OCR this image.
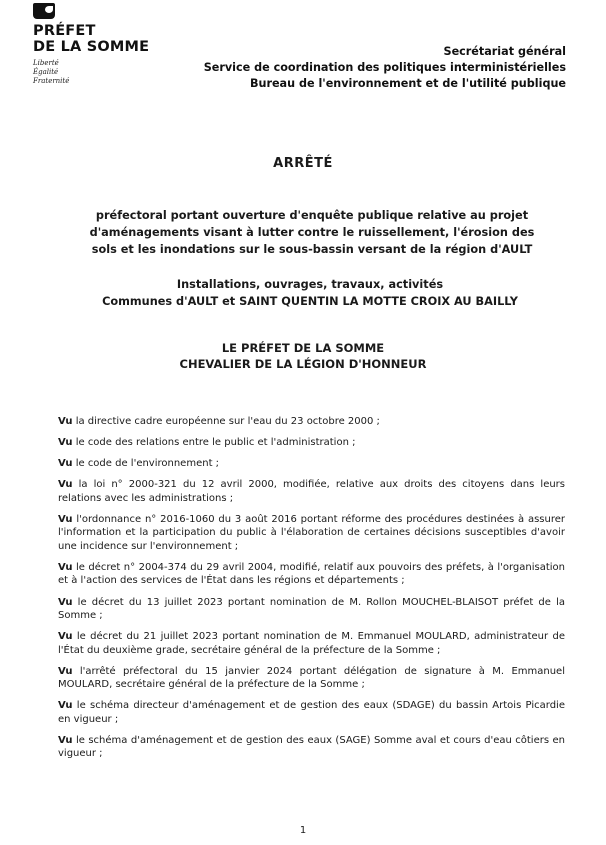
PRÉFET
DE LA SOMME
Liberté
Égalité
Fraternité
Secrétariat général
Service de coordination des politiques interministérielles
Bureau de l'environnement et de l'utilité publique
ARRÊTÉ
préfectoral portant ouverture d'enquête publique relative au projet d'aménagements visant à lutter contre le ruissellement, l'érosion des sols et les inondations sur le sous-bassin versant de la région d'AULT
Installations, ouvrages, travaux, activités
Communes d'AULT et SAINT QUENTIN LA MOTTE CROIX AU BAILLY
LE PRÉFET DE LA SOMME
CHEVALIER DE LA LÉGION D'HONNEUR
Vu la directive cadre européenne sur l'eau du 23 octobre 2000 ;
Vu le code des relations entre le public et l'administration ;
Vu le code de l'environnement ;
Vu la loi n° 2000-321 du 12 avril 2000, modifiée, relative aux droits des citoyens dans leurs relations avec les administrations ;
Vu l'ordonnance n° 2016-1060 du 3 août 2016 portant réforme des procédures destinées à assurer l'information et la participation du public à l'élaboration de certaines décisions susceptibles d'avoir une incidence sur l'environnement ;
Vu le décret n° 2004-374 du 29 avril 2004, modifié, relatif aux pouvoirs des préfets, à l'organisation et à l'action des services de l'État dans les régions et départements ;
Vu le décret du 13 juillet 2023 portant nomination de M. Rollon MOUCHEL-BLAISOT préfet de la Somme ;
Vu le décret du 21 juillet 2023 portant nomination de M. Emmanuel MOULARD, administrateur de l'État du deuxième grade, secrétaire général de la préfecture de la Somme ;
Vu l'arrêté préfectoral du 15 janvier 2024 portant délégation de signature à M. Emmanuel MOULARD, secrétaire général de la préfecture de la Somme ;
Vu le schéma directeur d'aménagement et de gestion des eaux (SDAGE) du bassin Artois Picardie en vigueur ;
Vu le schéma d'aménagement et de gestion des eaux (SAGE) Somme aval et cours d'eau côtiers en vigueur ;
1
